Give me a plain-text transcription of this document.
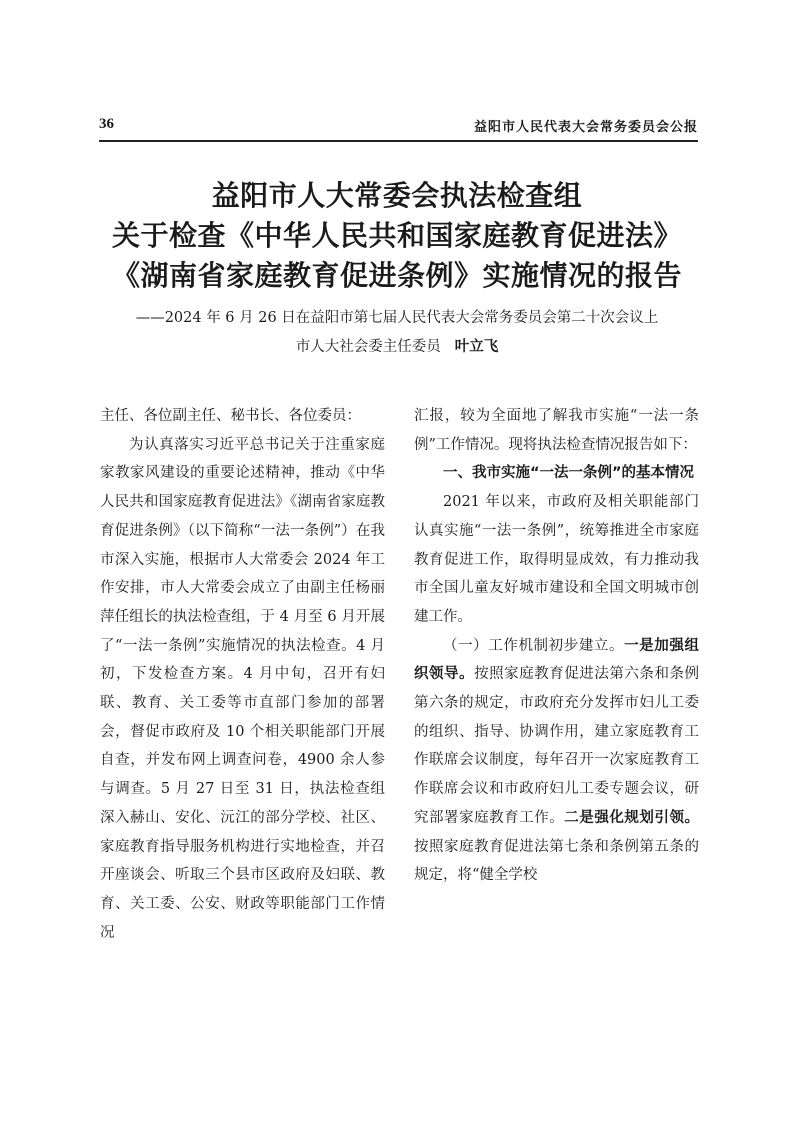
36	益阳市人民代表大会常务委员会公报
益阳市人大常委会执法检查组
关于检查《中华人民共和国家庭教育促进法》
《湖南省家庭教育促进条例》实施情况的报告
——2024 年 6 月 26 日在益阳市第七届人民代表大会常务委员会第二十次会议上
市人大社会委主任委员 叶立飞

主任、各位副主任、秘书长、各位委员：

为认真落实习近平总书记关于注重家庭家教家风建设的重要论述精神，推动《中华人民共和国家庭教育促进法》《湖南省家庭教育促进条例》（以下简称“一法一条例”）在我市深入实施，根据市人大常委会 2024 年工作安排，市人大常委会成立了由副主任杨丽萍任组长的执法检查组，于 4 月至 6 月开展了“一法一条例”实施情况的执法检查。4 月初，下发检查方案。4 月中旬，召开有妇联、教育、关工委等市直部门参加的部署会，督促市政府及 10 个相关职能部门开展自查，并发布网上调查问卷，4900 余人参与调查。5 月 27 日至 31 日，执法检查组深入赫山、安化、沅江的部分学校、社区、家庭教育指导服务机构进行实地检查，并召开座谈会、听取三个县市区政府及妇联、教育、关工委、公安、财政等职能部门工作情况

汇报，较为全面地了解我市实施“一法一条例”工作情况。现将执法检查情况报告如下：

一、我市实施“一法一条例”的基本情况

2021 年以来，市政府及相关职能部门认真实施“一法一条例”，统筹推进全市家庭教育促进工作，取得明显成效，有力推动我市全国儿童友好城市建设和全国文明城市创建工作。

（一）工作机制初步建立。一是加强组织领导。按照家庭教育促进法第六条和条例第六条的规定，市政府充分发挥市妇儿工委的组织、指导、协调作用，建立家庭教育工作联席会议制度，每年召开一次家庭教育工作联席会议和市政府妇儿工委专题会议，研究部署家庭教育工作。二是强化规划引领。按照家庭教育促进法第七条和条例第五条的规定，将“健全学校
